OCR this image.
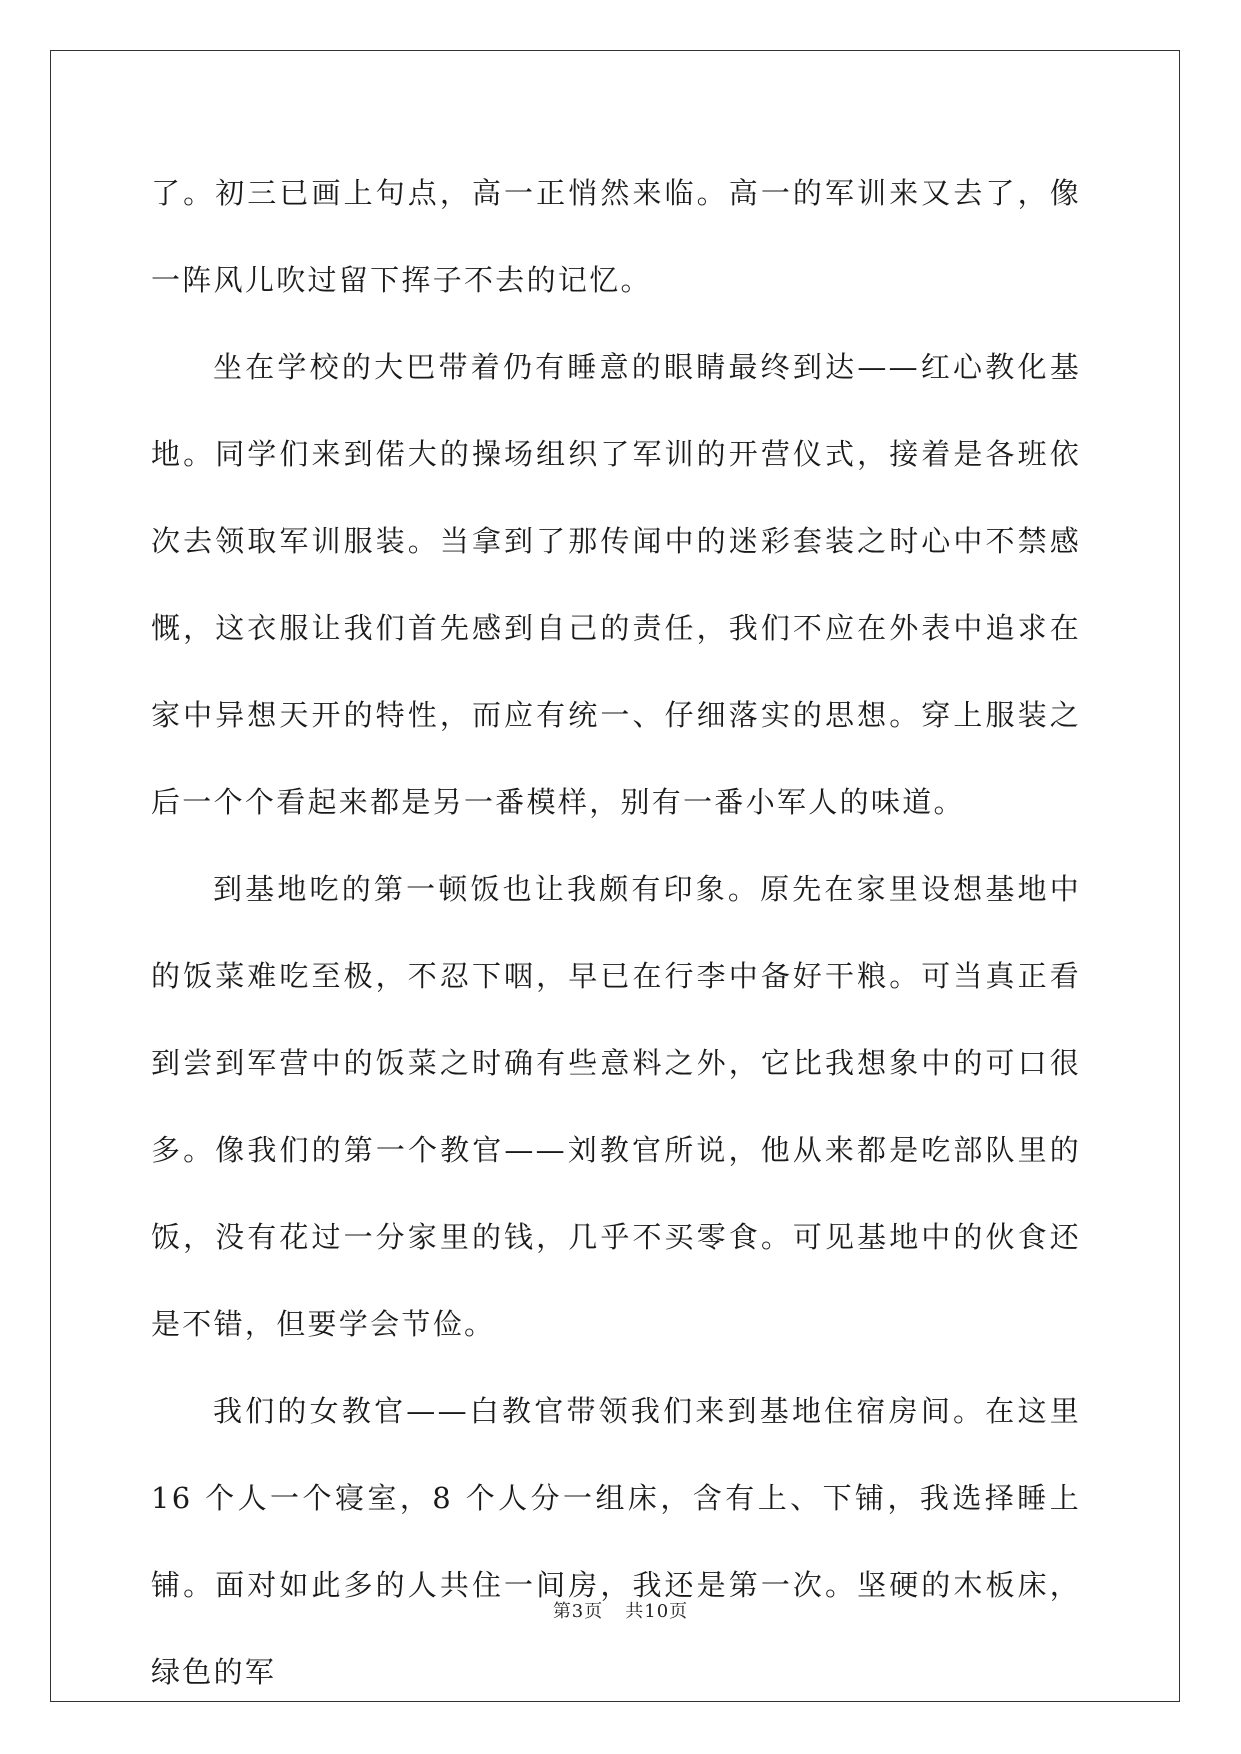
了。初三已画上句点，高一正悄然来临。高一的军训来又去了，像一阵风儿吹过留下挥子不去的记忆。

坐在学校的大巴带着仍有睡意的眼睛最终到达——红心教化基地。同学们来到偌大的操场组织了军训的开营仪式，接着是各班依次去领取军训服装。当拿到了那传闻中的迷彩套装之时心中不禁感慨，这衣服让我们首先感到自己的责任，我们不应在外表中追求在家中异想天开的特性，而应有统一、仔细落实的思想。穿上服装之后一个个看起来都是另一番模样，别有一番小军人的味道。

到基地吃的第一顿饭也让我颇有印象。原先在家里设想基地中的饭菜难吃至极，不忍下咽，早已在行李中备好干粮。可当真正看到尝到军营中的饭菜之时确有些意料之外，它比我想象中的可口很多。像我们的第一个教官——刘教官所说，他从来都是吃部队里的饭，没有花过一分家里的钱，几乎不买零食。可见基地中的伙食还是不错，但要学会节俭。

我们的女教官——白教官带领我们来到基地住宿房间。在这里 16 个人一个寝室，8 个人分一组床，含有上、下铺，我选择睡上铺。面对如此多的人共住一间房，我还是第一次。坚硬的木板床，绿色的军

第3页 共10页
